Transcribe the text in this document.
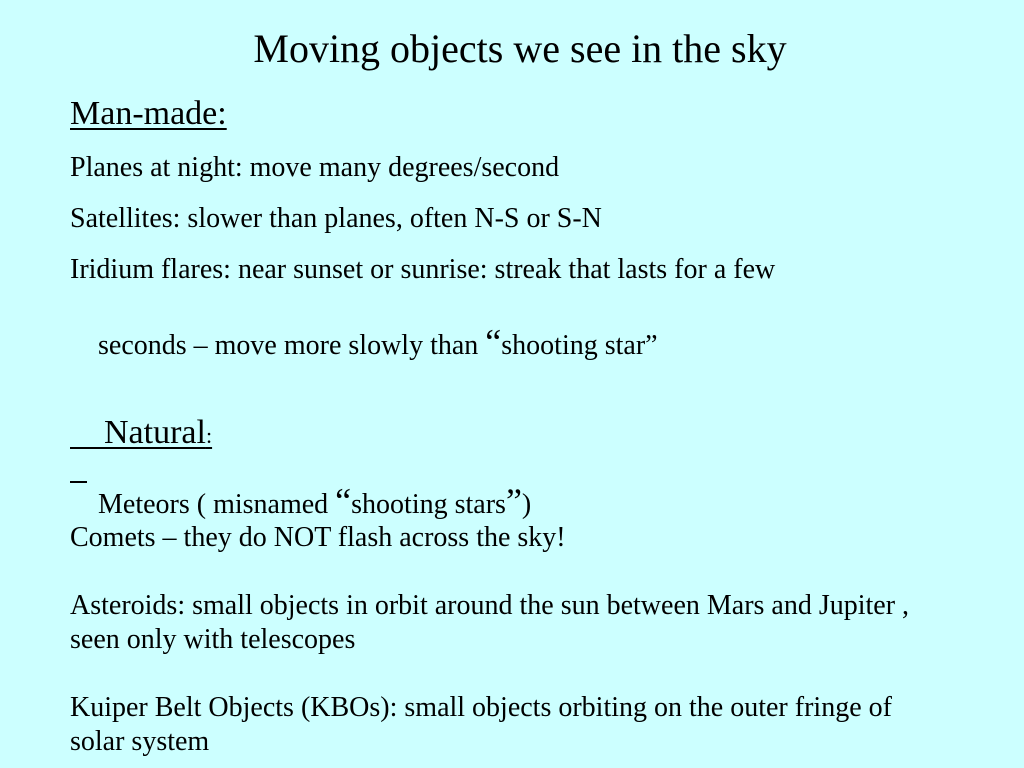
Moving objects we see in the sky
Man-made:
Planes at night: move many degrees/second
Satellites: slower than planes, often N-S or S-N
Iridium flares: near sunset or sunrise: streak that lasts for a few

seconds – move more slowly than “shooting star”

Natural:

Meteors ( misnamed “shooting stars”)

Comets – they do NOT flash across the sky!
Asteroids: small objects in orbit around the sun between Mars and Jupiter ,
seen only with telescopes
Kuiper Belt Objects (KBOs): small objects orbiting on the outer fringe of
solar system
